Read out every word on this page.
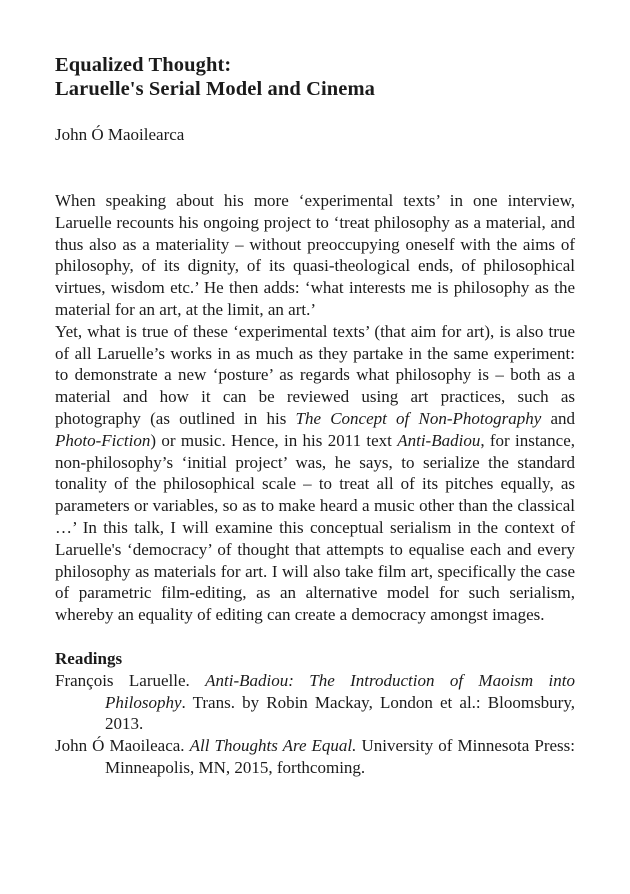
Equalized Thought:
Laruelle's Serial Model and Cinema
John Ó Maoilearca

When speaking about his more ‘experimental texts’ in one interview, Laruelle recounts his ongoing project to ‘treat philosophy as a material, and thus also as a materiality – without preoccupying oneself with the aims of philosophy, of its dignity, of its quasi-theological ends, of philosophical virtues, wisdom etc.’ He then adds: ‘what interests me is philosophy as the material for an art, at the limit, an art.’

Yet, what is true of these ‘experimental texts’ (that aim for art), is also true of all Laruelle’s works in as much as they partake in the same experiment: to demonstrate a new ‘posture’ as regards what philosophy is – both as a material and how it can be reviewed using art practices, such as photography (as outlined in his The Concept of Non-Photography and Photo-Fiction) or music. Hence, in his 2011 text Anti-Badiou, for instance, non-philosophy’s ‘initial project’ was, he says, to serialize the standard tonality of the philosophical scale – to treat all of its pitches equally, as parameters or variables, so as to make heard a music other than the classical …’ In this talk, I will examine this conceptual serialism in the context of Laruelle's ‘democracy’ of thought that attempts to equalise each and every philosophy as materials for art. I will also take film art, specifically the case of parametric film-editing, as an alternative model for such serialism, whereby an equality of editing can create a democracy amongst images.

Readings

François Laruelle. Anti-Badiou: The Introduction of Maoism into Philosophy. Trans. by Robin Mackay, London et al.: Bloomsbury, 2013.

John Ó Maoileaca. All Thoughts Are Equal. University of Minnesota Press: Minneapolis, MN, 2015, forthcoming.
